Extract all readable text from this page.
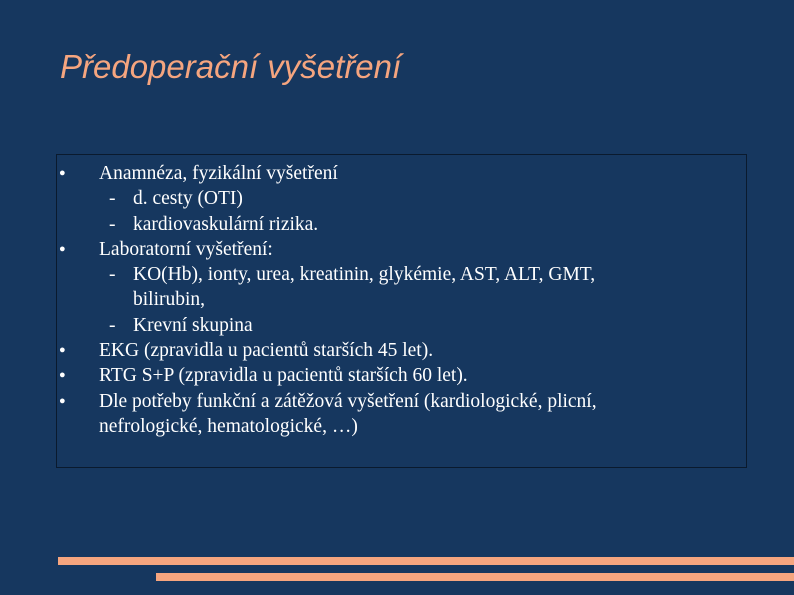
Předoperační vyšetření
● Anamnéza, fyzikální vyšetření
- d. cesty (OTI)
- kardiovaskulární rizika.
● Laboratorní vyšetření:
- KO(Hb), ionty, urea, kreatinin, glykémie, AST, ALT, GMT,
bilirubin,
- Krevní skupina
● EKG (zpravidla u pacientů starších 45 let).
● RTG S+P (zpravidla u pacientů starších 60 let).
● Dle potřeby funkční a zátěžová vyšetření (kardiologické, plicní,
nefrologické, hematologické, …)
